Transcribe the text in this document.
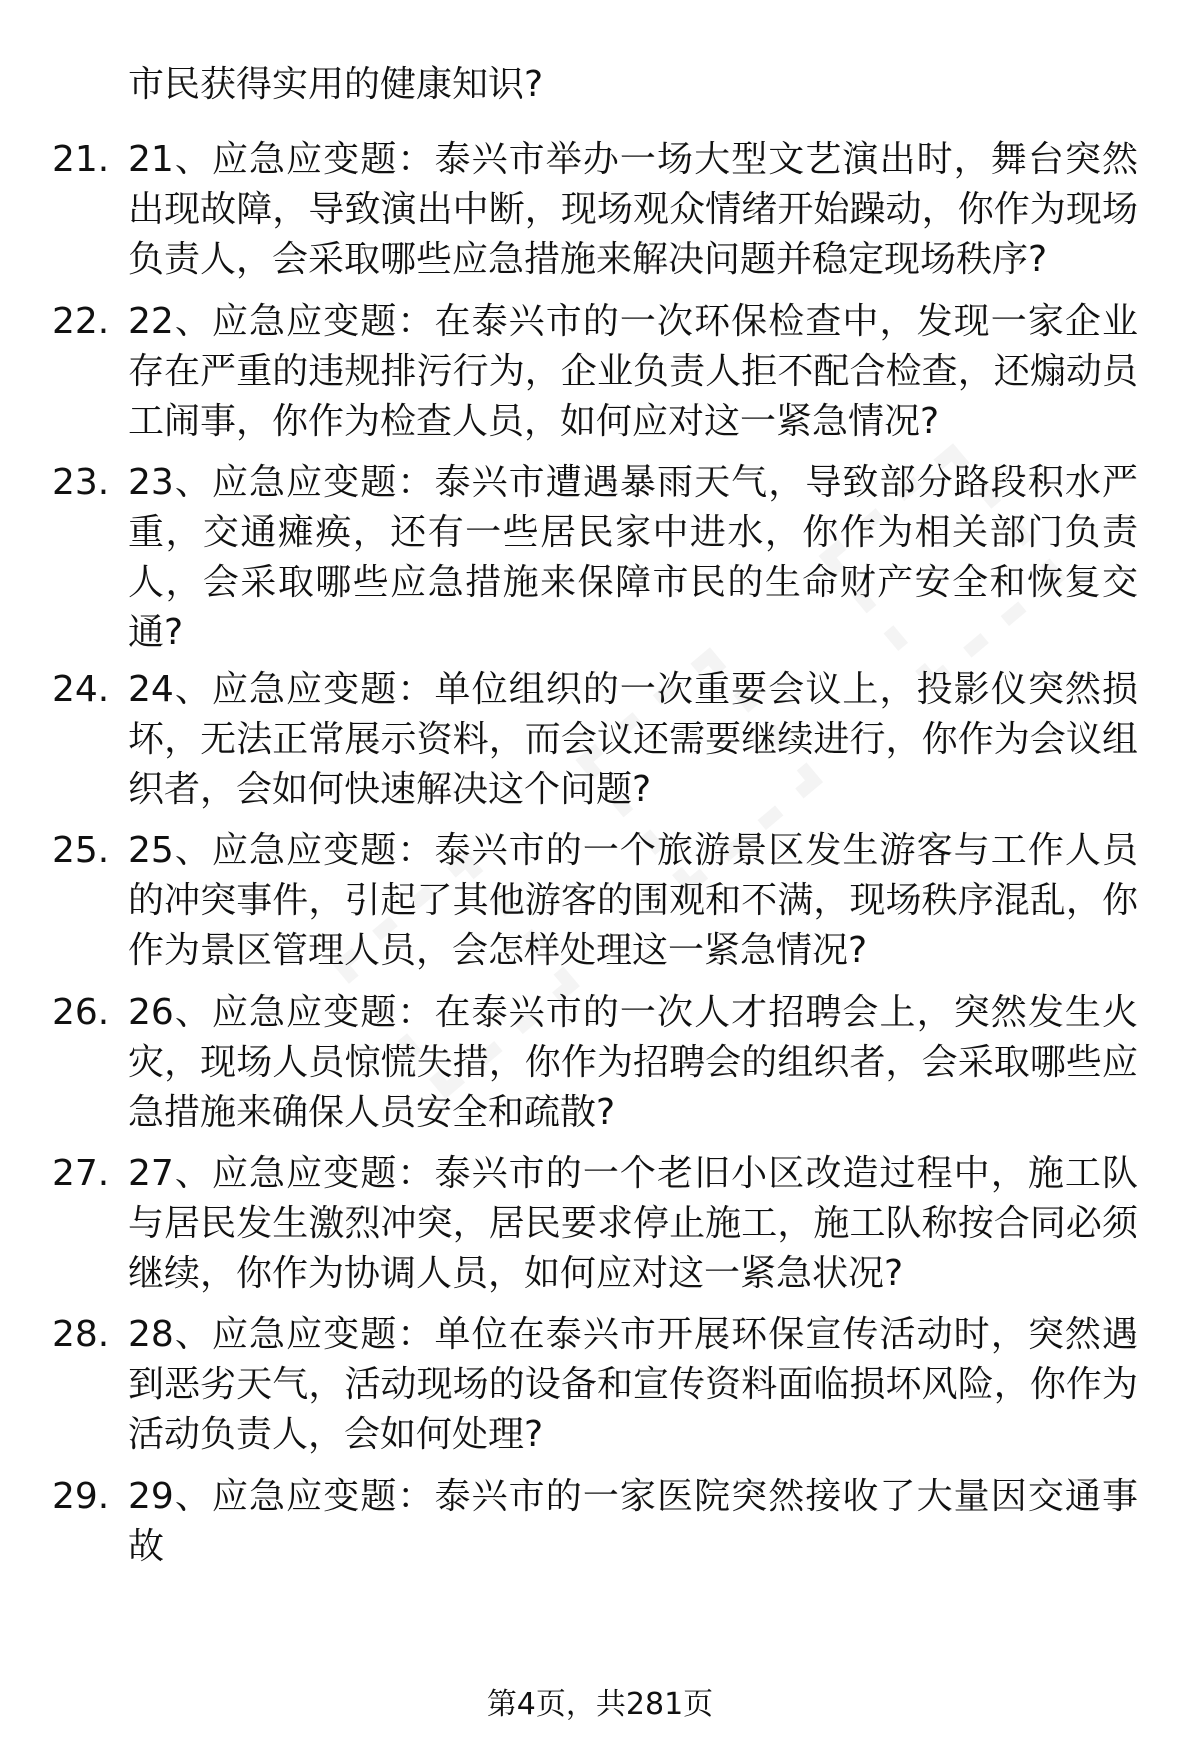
市民获得实用的健康知识?
21. 21、应急应变题：泰兴市举办一场大型文艺演出时，舞台突然出现故障，导致演出中断，现场观众情绪开始躁动，你作为现场负责人，会采取哪些应急措施来解决问题并稳定现场秩序?
22. 22、应急应变题：在泰兴市的一次环保检查中，发现一家企业存在严重的违规排污行为，企业负责人拒不配合检查，还煽动员工闹事，你作为检查人员，如何应对这一紧急情况?
23. 23、应急应变题：泰兴市遭遇暴雨天气，导致部分路段积水严重，交通瘫痪，还有一些居民家中进水，你作为相关部门负责人，会采取哪些应急措施来保障市民的生命财产安全和恢复交通?
24. 24、应急应变题：单位组织的一次重要会议上，投影仪突然损坏，无法正常展示资料，而会议还需要继续进行，你作为会议组织者，会如何快速解决这个问题?
25. 25、应急应变题：泰兴市的一个旅游景区发生游客与工作人员的冲突事件，引起了其他游客的围观和不满，现场秩序混乱，你作为景区管理人员，会怎样处理这一紧急情况?
26. 26、应急应变题：在泰兴市的一次人才招聘会上，突然发生火灾，现场人员惊慌失措，你作为招聘会的组织者，会采取哪些应急措施来确保人员安全和疏散?
27. 27、应急应变题：泰兴市的一个老旧小区改造过程中，施工队与居民发生激烈冲突，居民要求停止施工，施工队称按合同必须继续，你作为协调人员，如何应对这一紧急状况?
28. 28、应急应变题：单位在泰兴市开展环保宣传活动时，突然遇到恶劣天气，活动现场的设备和宣传资料面临损坏风险，你作为活动负责人，会如何处理?
29. 29、应急应变题：泰兴市的一家医院突然接收了大量因交通事故
第4页，共281页
